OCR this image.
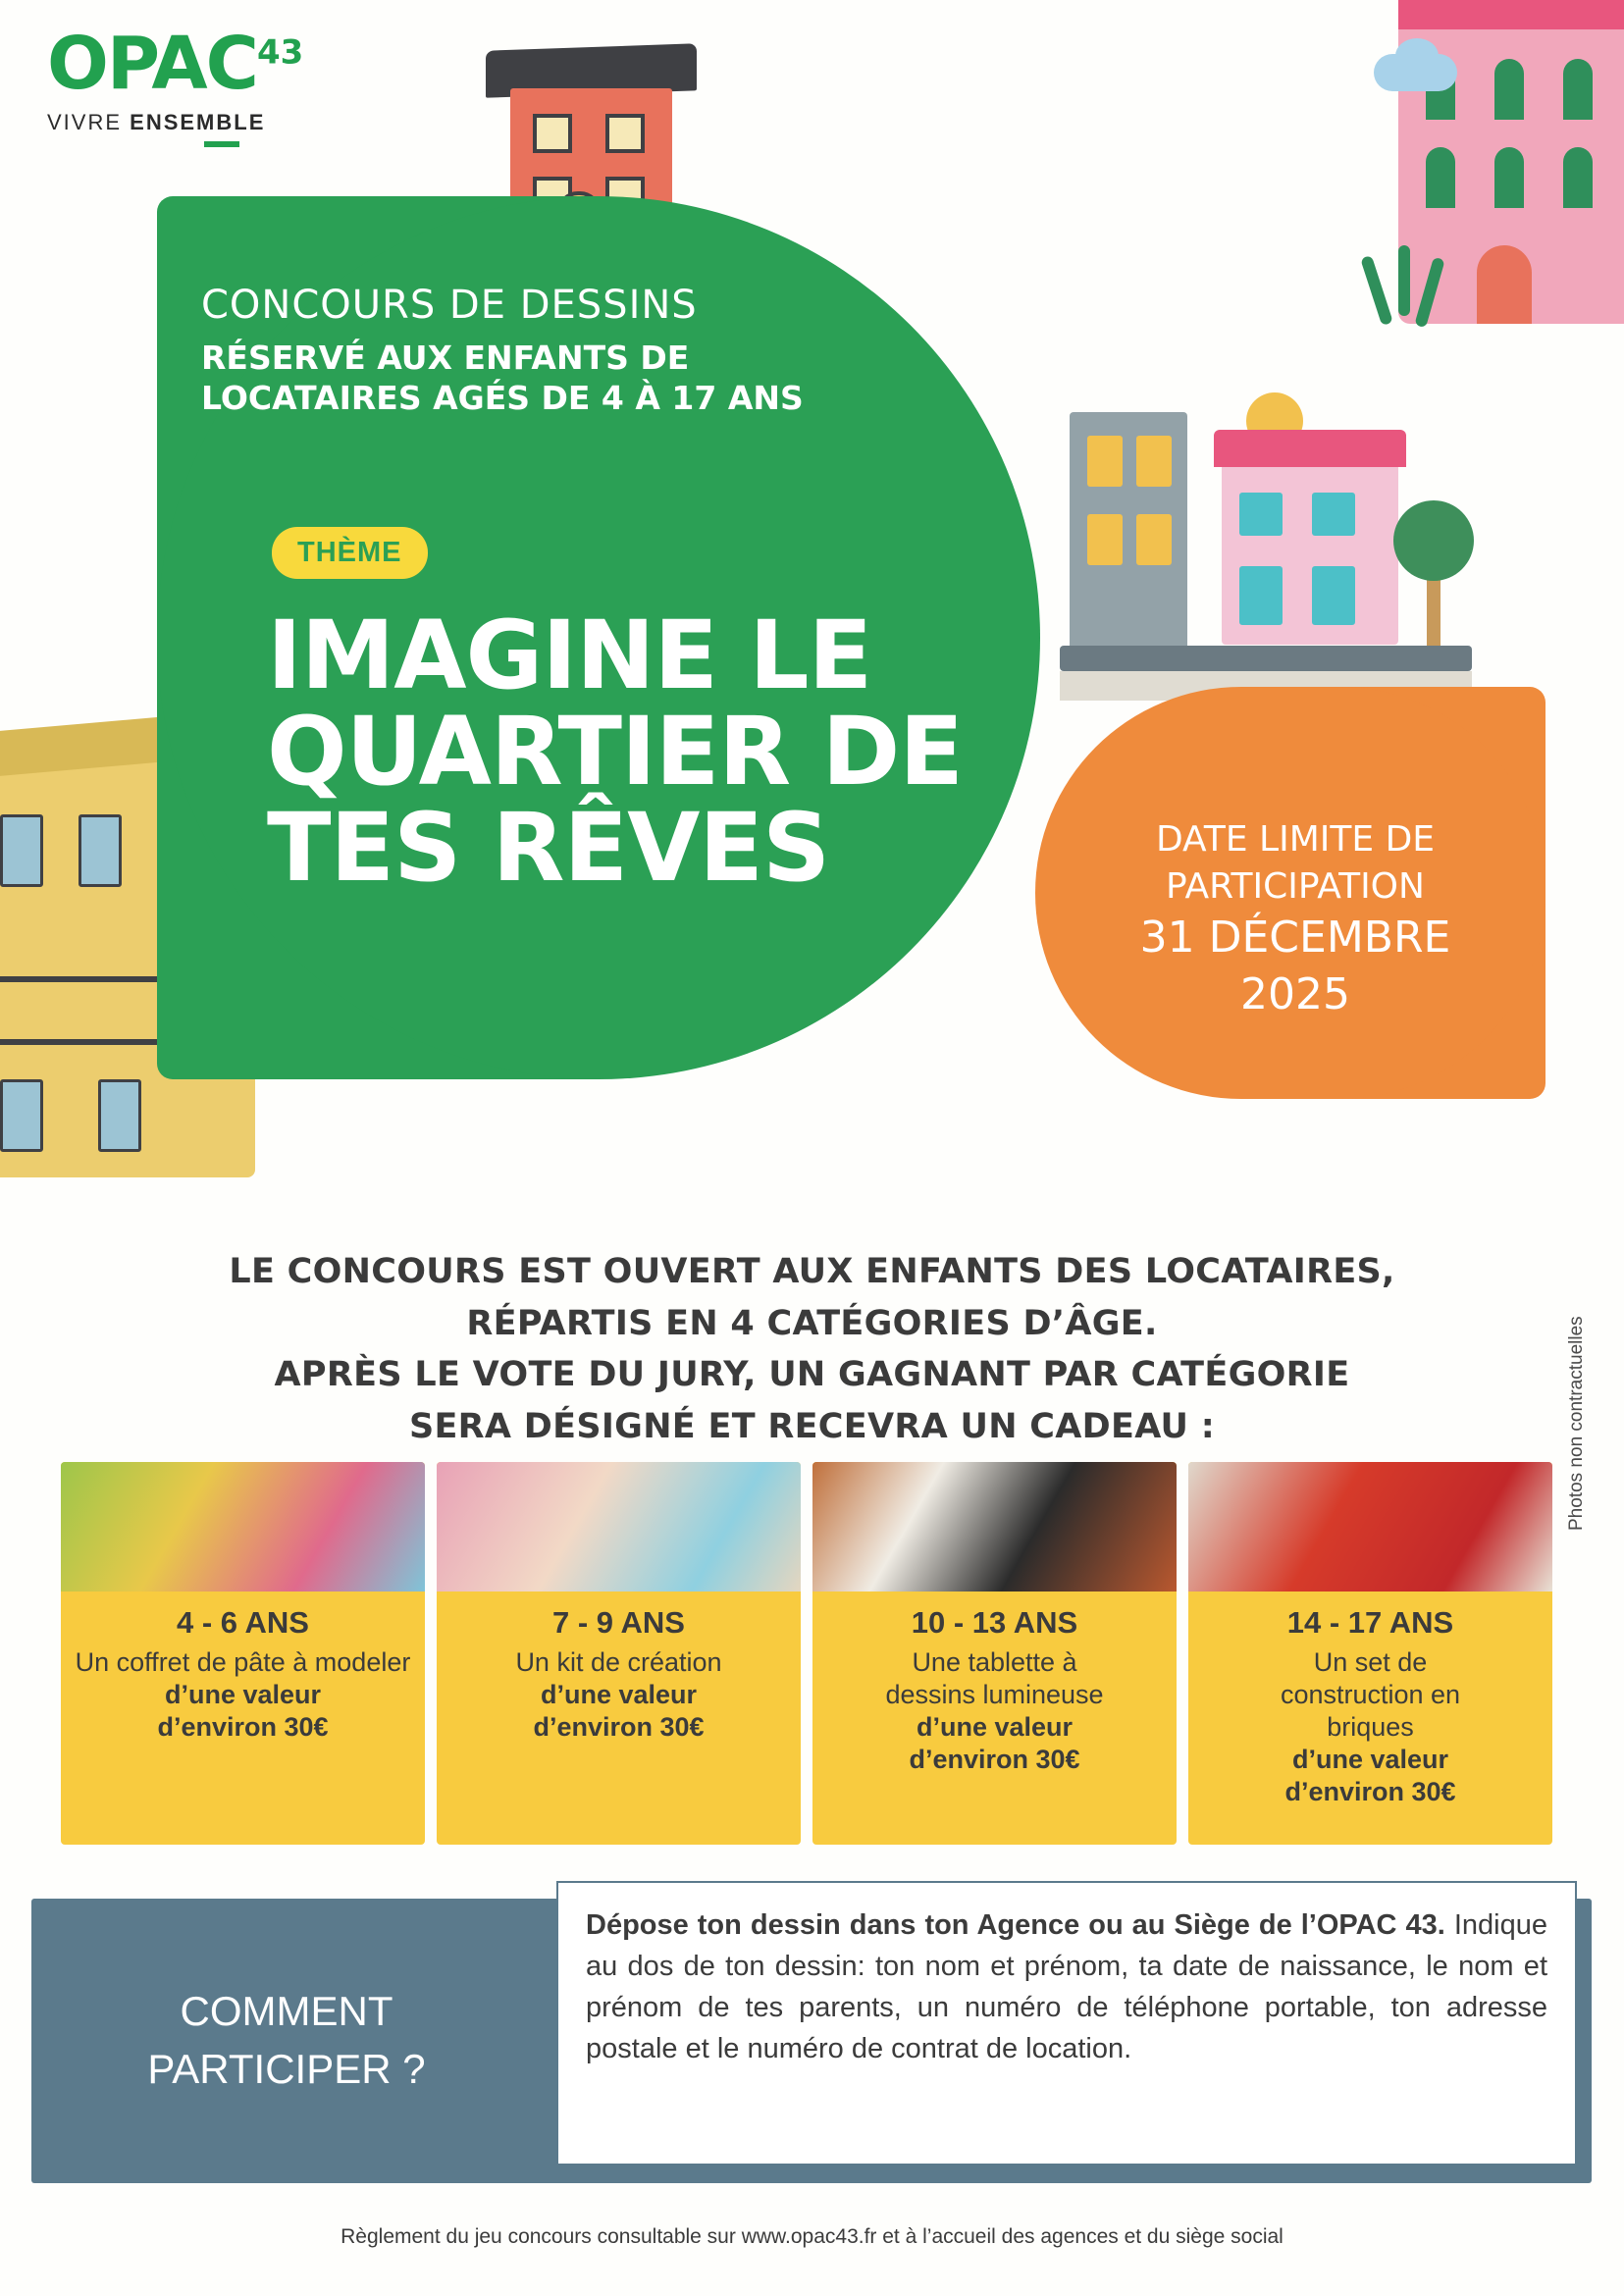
OPAC$^{43}$
VIVRE ENSEMBLE
CONCOURS DE DESSINS
RÉSERVÉ AUX ENFANTS DE
LOCATAIRES AGÉS DE 4 À 17 ANS
THÈME
IMAGINE LE
QUARTIER DE
TES RÊVES	DATE LIMITE DE
PARTICIPATION
31 DÉCEMBRE
2025
LE CONCOURS EST OUVERT AUX ENFANTS DES LOCATAIRES,
RÉPARTIS EN 4 CATÉGORIES D’ÂGE.
APRÈS LE VOTE DU JURY, UN GAGNANT PAR CATÉGORIE
SERA DÉSIGNÉ ET RECEVRA UN CADEAU :
4 - 6 ANS
Un coffret de pâte à modeler
d’une valeur
d’environ 30€
7 - 9 ANS
Un kit de création
d’une valeur
d’environ 30€
10 - 13 ANS
Une tablette à
dessins lumineuse
d’une valeur
d’environ 30€
14 - 17 ANS
Un set de
construction en
briques
d’une valeur
d’environ 30€
Photos non contractuelles
COMMENT
PARTICIPER ?
Dépose ton dessin dans ton Agence ou au Siège de l’OPAC 43. Indique au dos de ton dessin: ton nom et prénom, ta date de naissance, le nom et prénom de tes parents, un numéro de téléphone portable, ton adresse postale et le numéro de contrat de location.
Règlement du jeu concours consultable sur www.opac43.fr et à l’accueil des agences et du siège social
